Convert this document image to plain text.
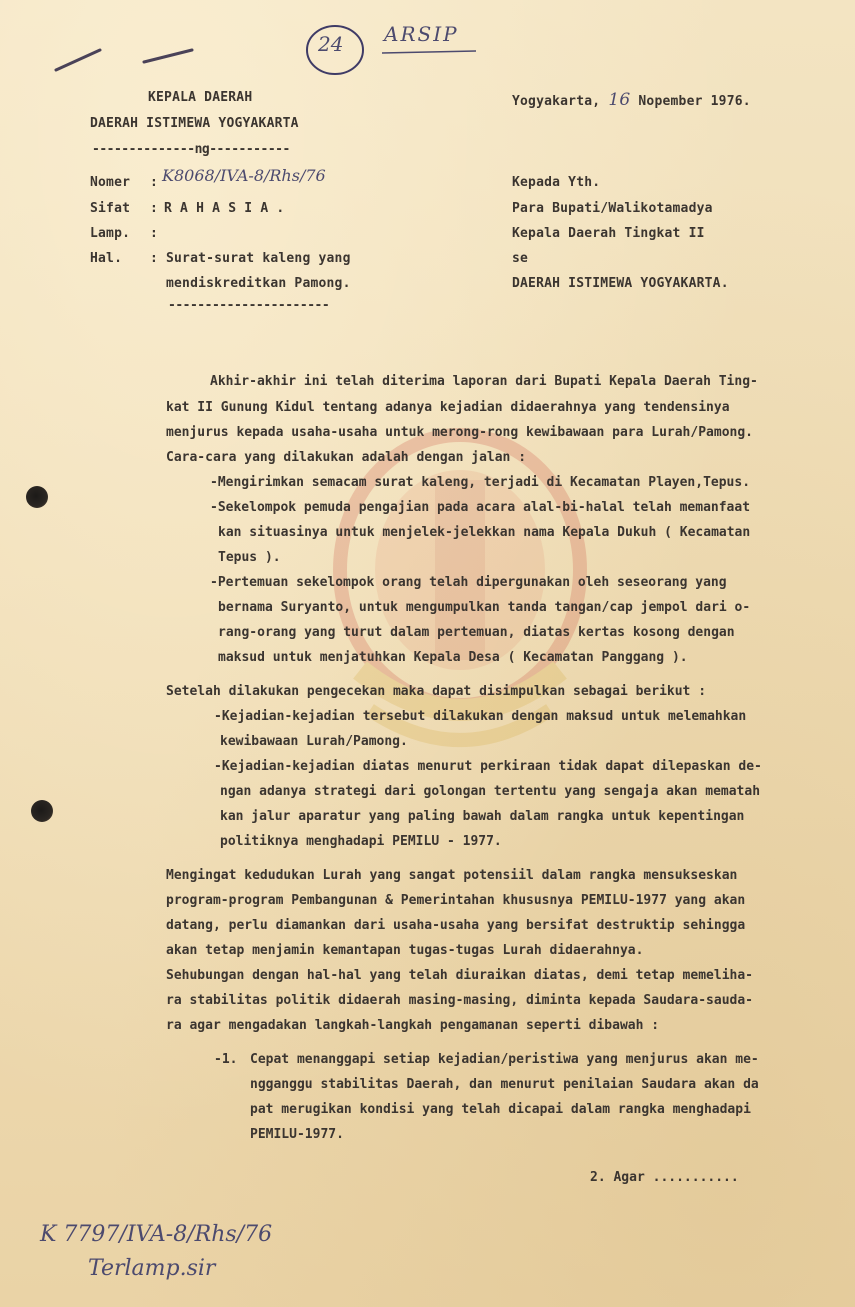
24 ARSIP
KEPALA DAERAH
DAERAH ISTIMEWA YOGYAKARTA
--------------ng-----------
Yogyakarta, 16 Nopember 1976.
Nomer : K8068/IVA-8/Rhs/76
Sifat : R A H A S I A .
Lamp. :
Hal. : Surat-surat kaleng yang
mendiskreditkan Pamong.
----------------------
Kepada Yth.
Para Bupati/Walikotamadya
Kepala Daerah Tingkat II
se
DAERAH ISTIMEWA YOGYAKARTA.
Akhir-akhir ini telah diterima laporan dari Bupati Kepala Daerah Ting-
kat II Gunung Kidul tentang adanya kejadian didaerahnya yang tendensinya
menjurus kepada usaha-usaha untuk merong-rong kewibawaan para Lurah/Pamong.
Cara-cara yang dilakukan adalah dengan jalan :
-Mengirimkan semacam surat kaleng, terjadi di Kecamatan Playen,Tepus.
-Sekelompok pemuda pengajian pada acara alal-bi-halal telah memanfaat
kan situasinya untuk menjelek-jelekkan nama Kepala Dukuh ( Kecamatan
Tepus ).
-Pertemuan sekelompok orang telah dipergunakan oleh seseorang yang
bernama Suryanto, untuk mengumpulkan tanda tangan/cap jempol dari o-
rang-orang yang turut dalam pertemuan, diatas kertas kosong dengan
maksud untuk menjatuhkan Kepala Desa ( Kecamatan Panggang ).
Setelah dilakukan pengecekan maka dapat disimpulkan sebagai berikut :
-Kejadian-kejadian tersebut dilakukan dengan maksud untuk melemahkan
kewibawaan Lurah/Pamong.
-Kejadian-kejadian diatas menurut perkiraan tidak dapat dilepaskan de-
ngan adanya strategi dari golongan tertentu yang sengaja akan mematah
kan jalur aparatur yang paling bawah dalam rangka untuk kepentingan
politiknya menghadapi PEMILU - 1977.
Mengingat kedudukan Lurah yang sangat potensiil dalam rangka mensukseskan
program-program Pembangunan & Pemerintahan khususnya PEMILU-1977 yang akan
datang, perlu diamankan dari usaha-usaha yang bersifat destruktip sehingga
akan tetap menjamin kemantapan tugas-tugas Lurah didaerahnya.
Sehubungan dengan hal-hal yang telah diuraikan diatas, demi tetap memeliha-
ra stabilitas politik didaerah masing-masing, diminta kepada Saudara-sauda-
ra agar mengadakan langkah-langkah pengamanan seperti dibawah :
-1. Cepat menanggapi setiap kejadian/peristiwa yang menjurus akan me-
ngganggu stabilitas Daerah, dan menurut penilaian Saudara akan da
pat merugikan kondisi yang telah dicapai dalam rangka menghadapi
PEMILU-1977.
2. Agar ...........
K 7797/IVA-8/Rhs/76
Terlamp.sir
